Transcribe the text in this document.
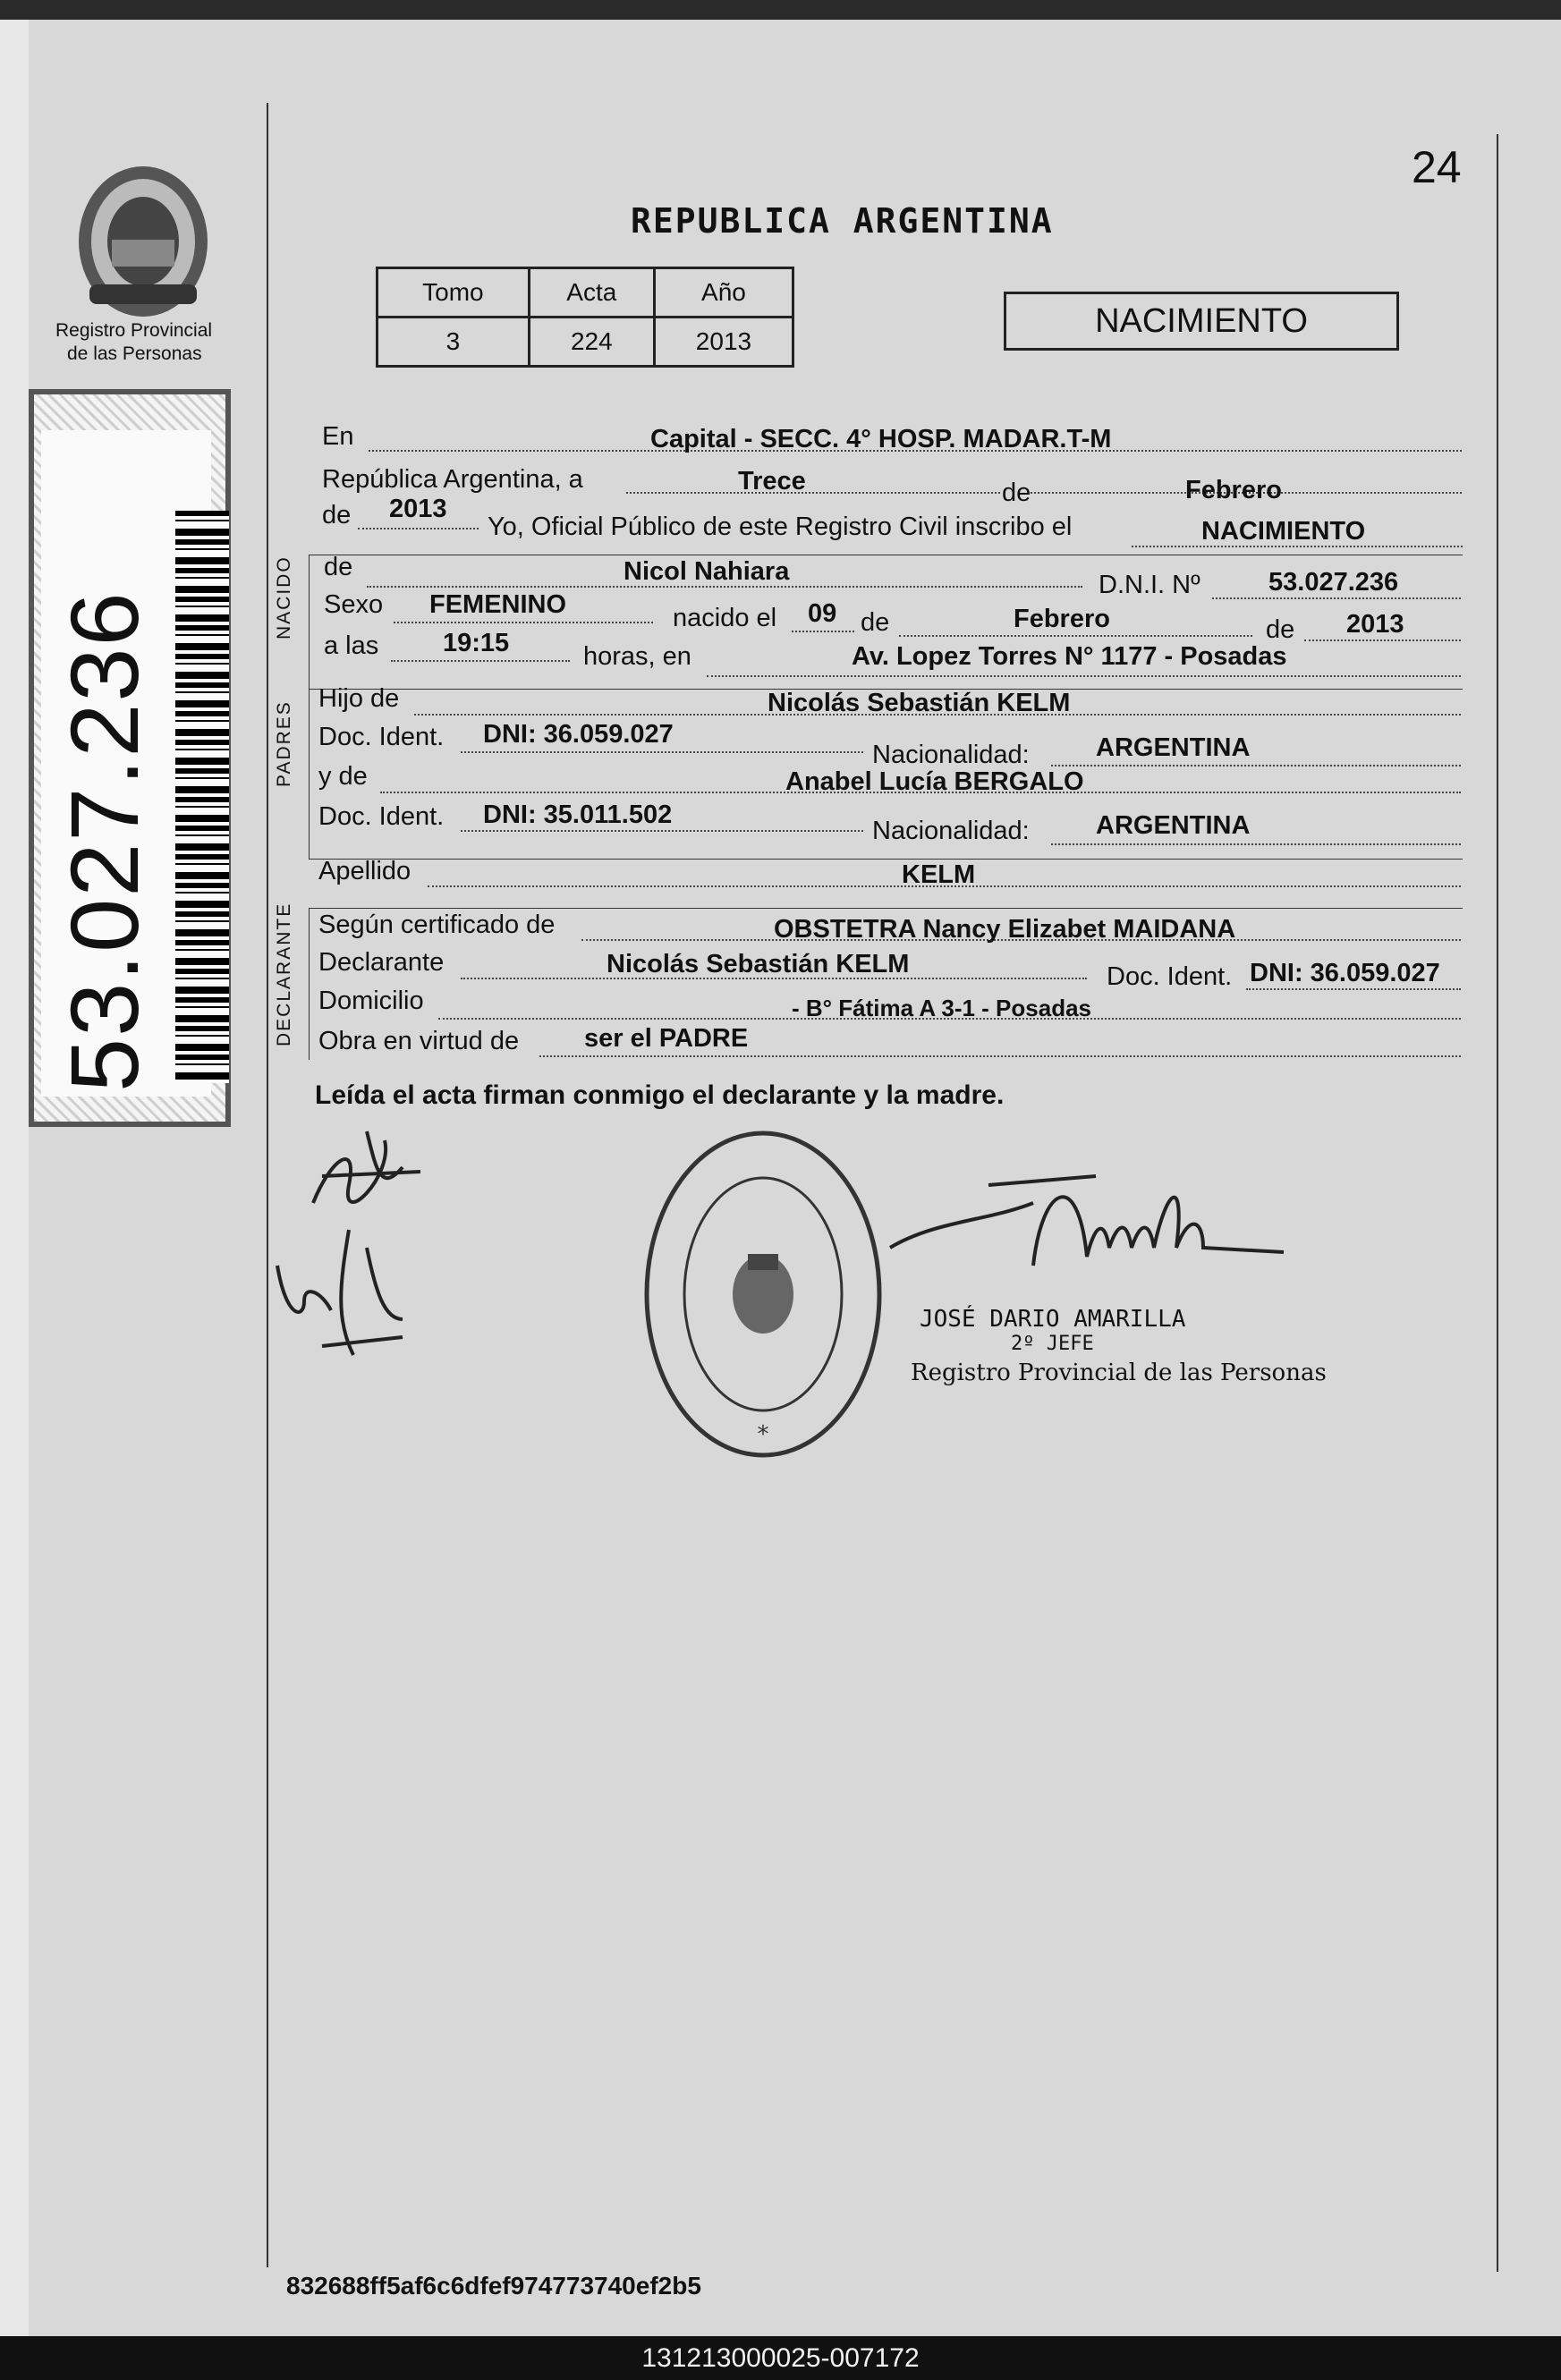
24
Registro Provincial
de las Personas
53.027.236
REPUBLICA ARGENTINA
Tomo	Acta	Año
3	224	2013
NACIMIENTO
NACIDO
PADRES
DECLARANTE
En	Capital - SECC. 4° HOSP. MADAR.T-M
República Argentina, a	Trece	de	Febrero
de 2013
Yo, Oficial Público de este Registro Civil inscribo el	NACIMIENTO
de	Nicol Nahiara	D.N.I. Nº	53.027.236
Sexo FEMENINO	nacido el 09 de	Febrero	de 2013
a las 19:15	horas, en	Av. Lopez Torres N° 1177 - Posadas
Hijo de	Nicolás Sebastián KELM
Doc. Ident. DNI: 36.059.027
Nacionalidad:	ARGENTINA
y de	Anabel Lucía BERGALO
Doc. Ident. DNI: 35.011.502
Nacionalidad:	ARGENTINA
Apellido	KELM
Según certificado de	OBSTETRA Nancy Elizabet MAIDANA
Declarante	Nicolás Sebastián KELM	Doc. Ident. DNI: 36.059.027
Domicilio	- B° Fátima A 3-1 - Posadas
Obra en virtud de	ser el PADRE
Leída el acta firman conmigo el declarante y la madre.
*
JOSÉ DARIO AMARILLA
2º JEFE
Registro Provincial de las Personas
832688ff5af6c6dfef974773740ef2b5
131213000025-007172
